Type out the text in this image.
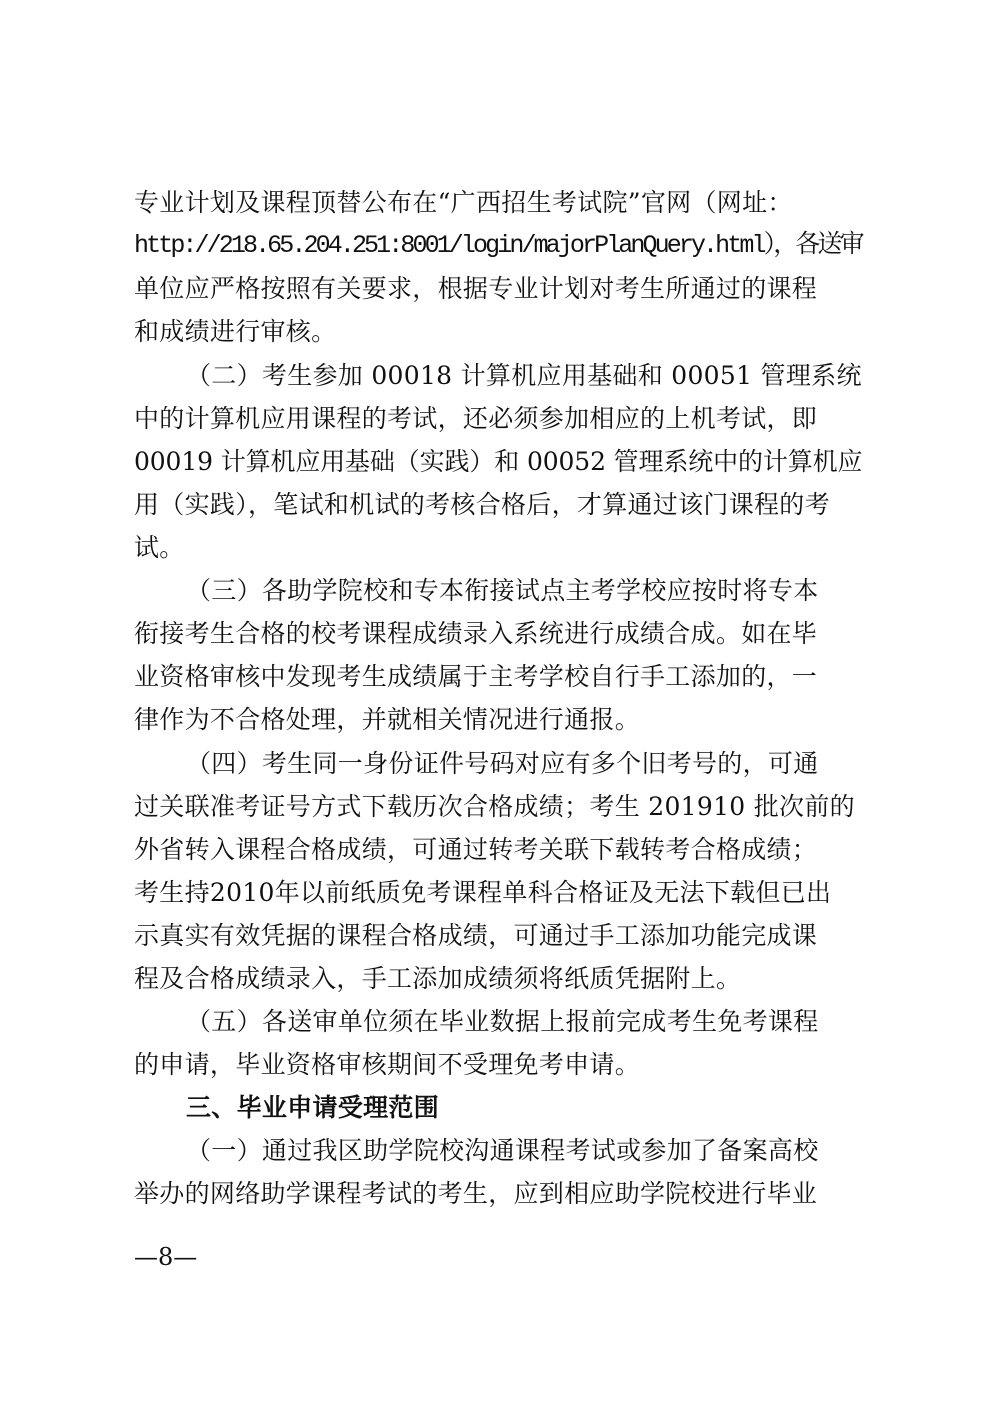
专业计划及课程顶替公布在“广西招生考试院”官网（网址：
http://218.65.204.251:8001/login/majorPlanQuery.html），各送审
单位应严格按照有关要求，根据专业计划对考生所通过的课程
和成绩进行审核。
（二）考生参加 00018 计算机应用基础和 00051 管理系统
中的计算机应用课程的考试，还必须参加相应的上机考试，即
00019 计算机应用基础（实践）和 00052 管理系统中的计算机应
用（实践），笔试和机试的考核合格后，才算通过该门课程的考
试。
（三）各助学院校和专本衔接试点主考学校应按时将专本
衔接考生合格的校考课程成绩录入系统进行成绩合成。如在毕
业资格审核中发现考生成绩属于主考学校自行手工添加的，一
律作为不合格处理，并就相关情况进行通报。
（四）考生同一身份证件号码对应有多个旧考号的，可通
过关联准考证号方式下载历次合格成绩；考生 201910 批次前的
外省转入课程合格成绩，可通过转考关联下载转考合格成绩；
考生持2010年以前纸质免考课程单科合格证及无法下载但已出
示真实有效凭据的课程合格成绩，可通过手工添加功能完成课
程及合格成绩录入，手工添加成绩须将纸质凭据附上。
（五）各送审单位须在毕业数据上报前完成考生免考课程
的申请，毕业资格审核期间不受理免考申请。
三、毕业申请受理范围
（一）通过我区助学院校沟通课程考试或参加了备案高校
举办的网络助学课程考试的考生，应到相应助学院校进行毕业
—8—
